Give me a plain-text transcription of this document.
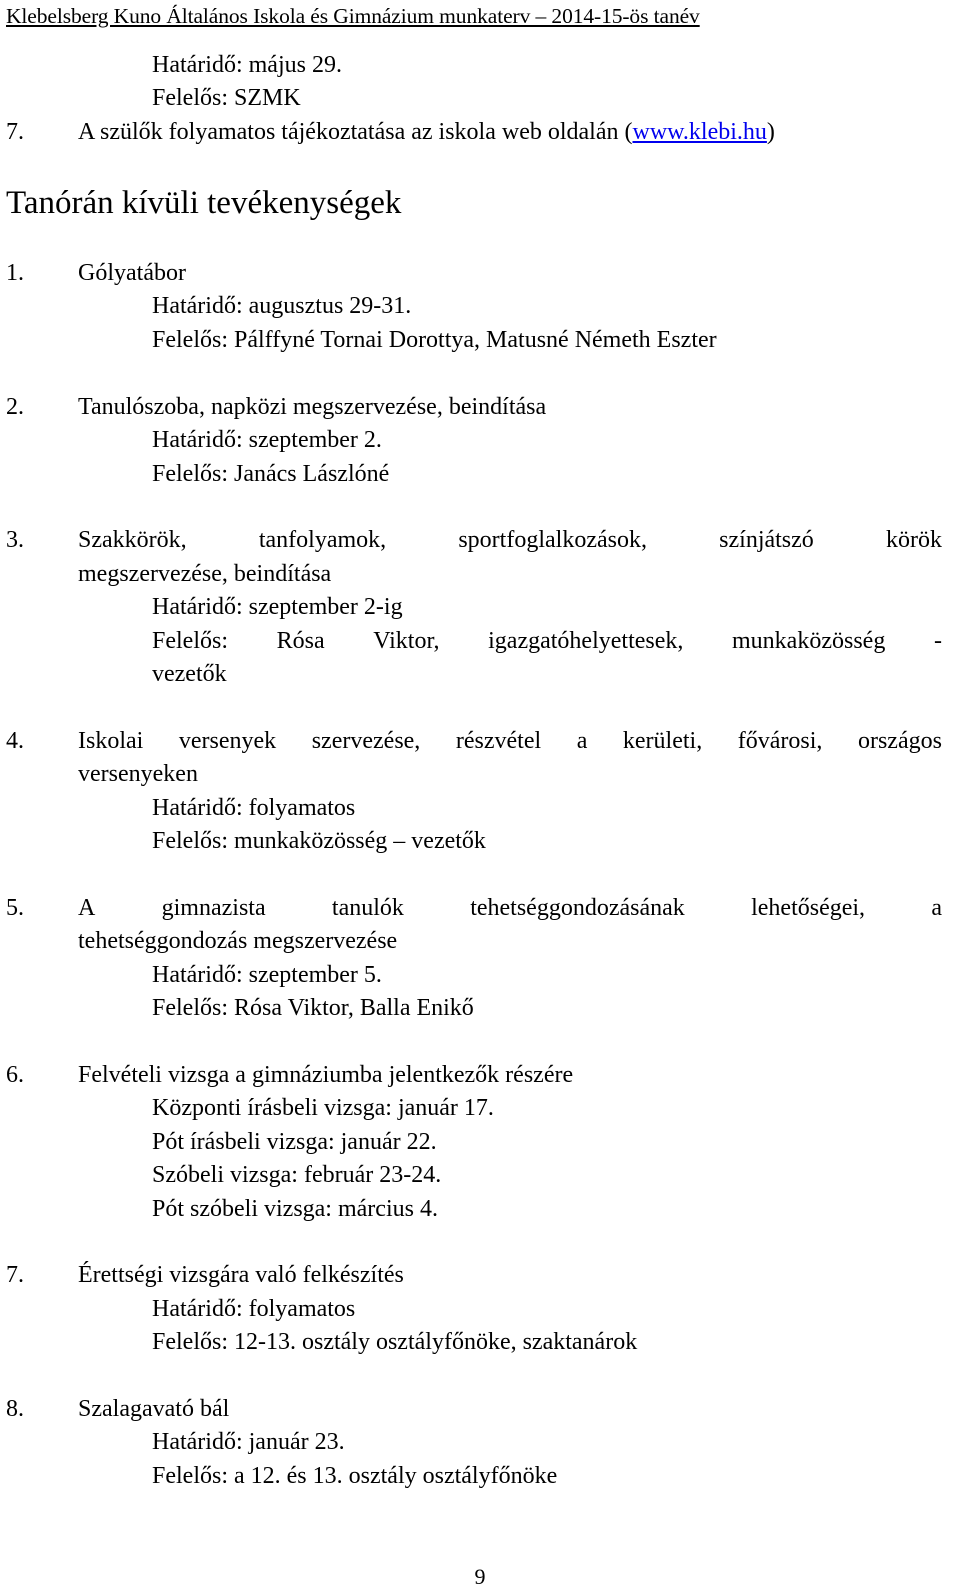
Klebelsberg Kuno Általános Iskola és Gimnázium munkaterv – 2014-15-ös tanév
Határidő: május 29.
Felelős: SZMK
7. A szülők folyamatos tájékoztatása az iskola web oldalán (www.klebi.hu)
Tanórán kívüli tevékenységek
1. Gólyatábor
Határidő: augusztus 29-31.
Felelős: Pálffyné Tornai Dorottya, Matusné Németh Eszter
2. Tanulószoba, napközi megszervezése, beindítása
Határidő: szeptember 2.
Felelős: Janács Lászlóné
3. Szakkörök,	tanfolyamok,	sportfoglalkozások,	színjátszó	körök
megszervezése, beindítása
Határidő: szeptember 2-ig
Felelős: Rósa Viktor, igazgatóhelyettesek, munkaközösség -
vezetők
4. Iskolai versenyek szervezése, részvétel a kerületi, fővárosi, országos
versenyeken
Határidő: folyamatos
Felelős: munkaközösség – vezetők
5. A	gimnazista	tanulók	tehetséggondozásának	lehetőségei,	a
tehetséggondozás megszervezése
Határidő: szeptember 5.
Felelős: Rósa Viktor, Balla Enikő
6. Felvételi vizsga a gimnáziumba jelentkezők részére
Központi írásbeli vizsga: január 17.
Pót írásbeli vizsga: január 22.
Szóbeli vizsga: február 23-24.
Pót szóbeli vizsga: március 4.
7. Érettségi vizsgára való felkészítés
Határidő: folyamatos
Felelős: 12-13. osztály osztályfőnöke, szaktanárok
8. Szalagavató bál
Határidő: január 23.
Felelős: a 12. és 13. osztály osztályfőnöke
9
